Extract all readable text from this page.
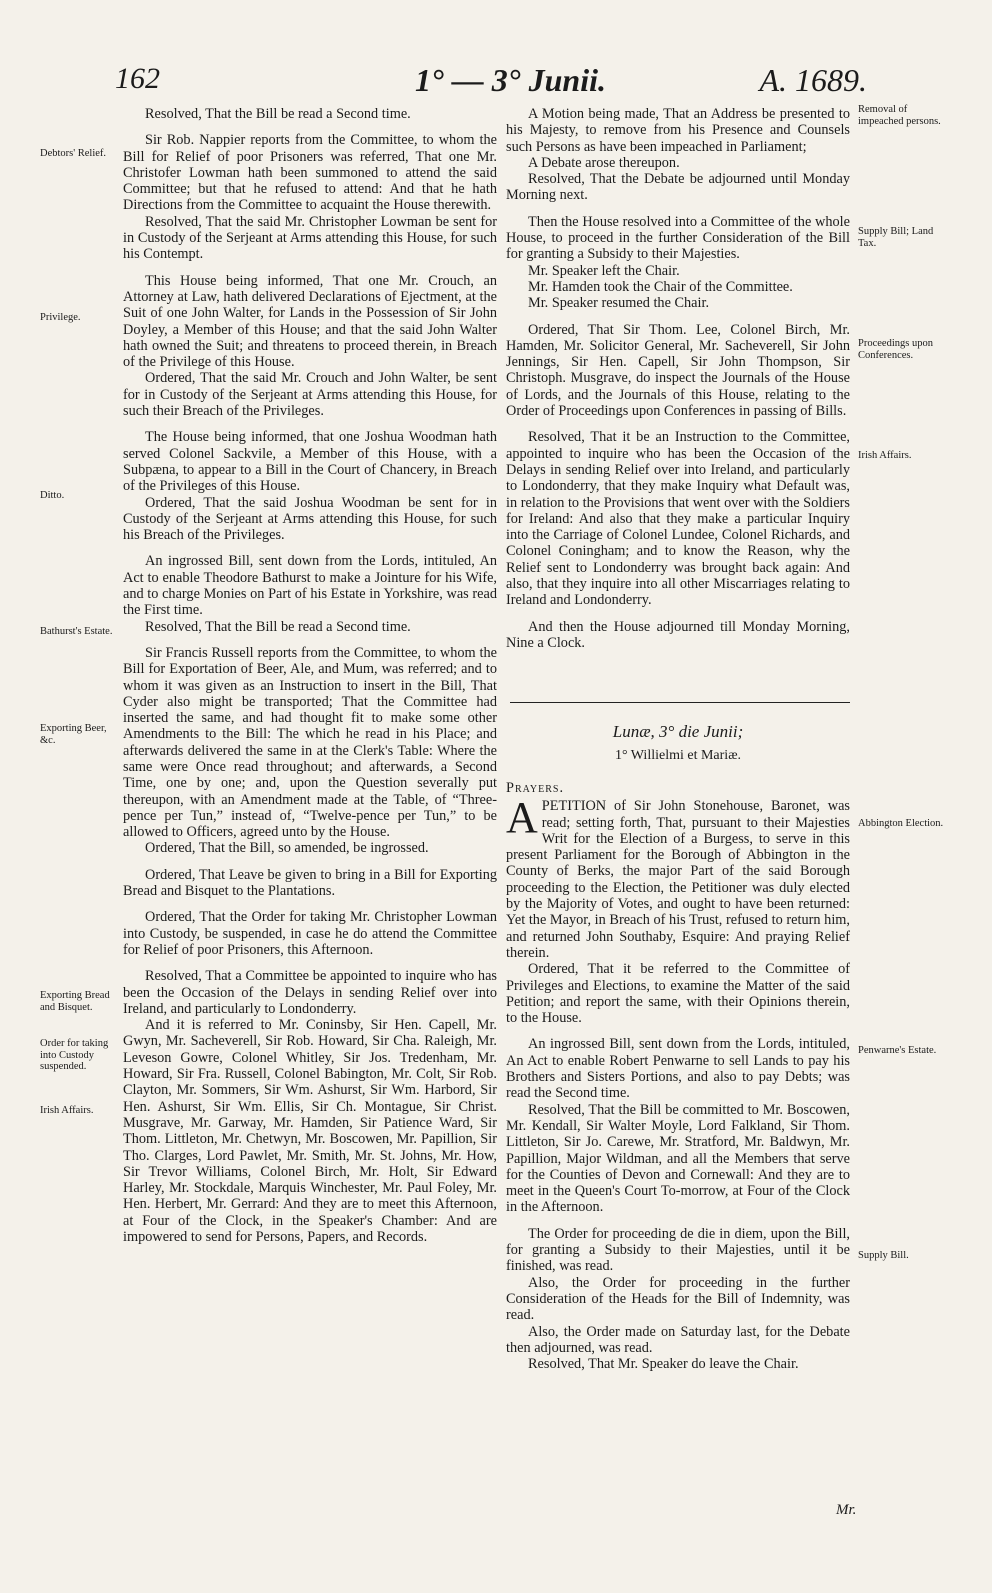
162	1° — 3° Junii.	A. 1689.
Debtors' Relief.
Privilege.
Ditto.
Bathurst's Estate.
Exporting Beer, &c.
Exporting Bread and Bisquet.
Order for taking into Custody suspended.
Irish Affairs.
Removal of impeached persons.
Supply Bill; Land Tax.
Proceedings upon Conferences.
Irish Affairs.
Abbington Election.
Penwarne's Estate.
Supply Bill.

Resolved, That the Bill be read a Second time.

Sir Rob. Nappier reports from the Committee, to whom the Bill for Relief of poor Prisoners was referred, That one Mr. Christofer Lowman hath been summoned to attend the said Committee; but that he refused to attend: And that he hath Directions from the Committee to acquaint the House therewith.

Resolved, That the said Mr. Christopher Lowman be sent for in Custody of the Serjeant at Arms attending this House, for such his Contempt.

This House being informed, That one Mr. Crouch, an Attorney at Law, hath delivered Declarations of Ejectment, at the Suit of one John Walter, for Lands in the Possession of Sir John Doyley, a Member of this House; and that the said John Walter hath owned the Suit; and threatens to proceed therein, in Breach of the Privilege of this House.

Ordered, That the said Mr. Crouch and John Walter, be sent for in Custody of the Serjeant at Arms attending this House, for such their Breach of the Privileges.

The House being informed, that one Joshua Woodman hath served Colonel Sackvile, a Member of this House, with a Subpæna, to appear to a Bill in the Court of Chancery, in Breach of the Privileges of this House.

Ordered, That the said Joshua Woodman be sent for in Custody of the Serjeant at Arms attending this House, for such his Breach of the Privileges.

An ingrossed Bill, sent down from the Lords, intituled, An Act to enable Theodore Bathurst to make a Jointure for his Wife, and to charge Monies on Part of his Estate in Yorkshire, was read the First time.

Resolved, That the Bill be read a Second time.

Sir Francis Russell reports from the Committee, to whom the Bill for Exportation of Beer, Ale, and Mum, was referred; and to whom it was given as an Instruction to insert in the Bill, That Cyder also might be transported; That the Committee had inserted the same, and had thought fit to make some other Amendments to the Bill: The which he read in his Place; and afterwards delivered the same in at the Clerk's Table: Where the same were Once read throughout; and afterwards, a Second Time, one by one; and, upon the Question severally put thereupon, with an Amendment made at the Table, of “Three-pence per Tun,” instead of, “Twelve-pence per Tun,” to be allowed to Officers, agreed unto by the House.

Ordered, That the Bill, so amended, be ingrossed.

Ordered, That Leave be given to bring in a Bill for Exporting Bread and Bisquet to the Plantations.

Ordered, That the Order for taking Mr. Christopher Lowman into Custody, be suspended, in case he do attend the Committee for Relief of poor Prisoners, this Afternoon.

Resolved, That a Committee be appointed to inquire who has been the Occasion of the Delays in sending Relief over into Ireland, and particularly to Londonderry.

And it is referred to Mr. Coninsby, Sir Hen. Capell, Mr. Gwyn, Mr. Sacheverell, Sir Rob. Howard, Sir Cha. Raleigh, Mr. Leveson Gowre, Colonel Whitley, Sir Jos. Tredenham, Mr. Howard, Sir Fra. Russell, Colonel Babington, Mr. Colt, Sir Rob. Clayton, Mr. Sommers, Sir Wm. Ashurst, Sir Wm. Harbord, Sir Hen. Ashurst, Sir Wm. Ellis, Sir Ch. Montague, Sir Christ. Musgrave, Mr. Garway, Mr. Hamden, Sir Patience Ward, Sir Thom. Littleton, Mr. Chetwyn, Mr. Boscowen, Mr. Papillion, Sir Tho. Clarges, Lord Pawlet, Mr. Smith, Mr. St. Johns, Mr. How, Sir Trevor Williams, Colonel Birch, Mr. Holt, Sir Edward Harley, Mr. Stockdale, Marquis Winchester, Mr. Paul Foley, Mr. Hen. Herbert, Mr. Gerrard: And they are to meet this Afternoon, at Four of the Clock, in the Speaker's Chamber: And are impowered to send for Persons, Papers, and Records.

A Motion being made, That an Address be presented to his Majesty, to remove from his Presence and Counsels such Persons as have been impeached in Parliament;

A Debate arose thereupon.

Resolved, That the Debate be adjourned until Monday Morning next.

Then the House resolved into a Committee of the whole House, to proceed in the further Consideration of the Bill for granting a Subsidy to their Majesties.

Mr. Speaker left the Chair.

Mr. Hamden took the Chair of the Committee.

Mr. Speaker resumed the Chair.

Ordered, That Sir Thom. Lee, Colonel Birch, Mr. Hamden, Mr. Solicitor General, Mr. Sacheverell, Sir John Jennings, Sir Hen. Capell, Sir John Thompson, Sir Christoph. Musgrave, do inspect the Journals of the House of Lords, and the Journals of this House, relating to the Order of Proceedings upon Conferences in passing of Bills.

Resolved, That it be an Instruction to the Committee, appointed to inquire who has been the Occasion of the Delays in sending Relief over into Ireland, and particularly to Londonderry, that they make Inquiry what Default was, in relation to the Provisions that went over with the Soldiers for Ireland: And also that they make a particular Inquiry into the Carriage of Colonel Lundee, Colonel Richards, and Colonel Coningham; and to know the Reason, why the Relief sent to Londonderry was brought back again: And also, that they inquire into all other Miscarriages relating to Ireland and Londonderry.

And then the House adjourned till Monday Morning, Nine a Clock.

Lunæ, 3° die Junii;
1° Willielmi et Mariæ.

Prayers.

APETITION of Sir John Stonehouse, Baronet, was read; setting forth, That, pursuant to their Majesties Writ for the Election of a Burgess, to serve in this present Parliament for the Borough of Abbington in the County of Berks, the major Part of the said Borough proceeding to the Election, the Petitioner was duly elected by the Majority of Votes, and ought to have been returned: Yet the Mayor, in Breach of his Trust, refused to return him, and returned John Southaby, Esquire: And praying Relief therein.

Ordered, That it be referred to the Committee of Privileges and Elections, to examine the Matter of the said Petition; and report the same, with their Opinions therein, to the House.

An ingrossed Bill, sent down from the Lords, intituled, An Act to enable Robert Penwarne to sell Lands to pay his Brothers and Sisters Portions, and also to pay Debts; was read the Second time.

Resolved, That the Bill be committed to Mr. Boscowen, Mr. Kendall, Sir Walter Moyle, Lord Falkland, Sir Thom. Littleton, Sir Jo. Carewe, Mr. Stratford, Mr. Baldwyn, Mr. Papillion, Major Wildman, and all the Members that serve for the Counties of Devon and Cornewall: And they are to meet in the Queen's Court To-morrow, at Four of the Clock in the Afternoon.

The Order for proceeding de die in diem, upon the Bill, for granting a Subsidy to their Majesties, until it be finished, was read.

Also, the Order for proceeding in the further Consideration of the Heads for the Bill of Indemnity, was read.

Also, the Order made on Saturday last, for the Debate then adjourned, was read.

Resolved, That Mr. Speaker do leave the Chair.

Mr.
